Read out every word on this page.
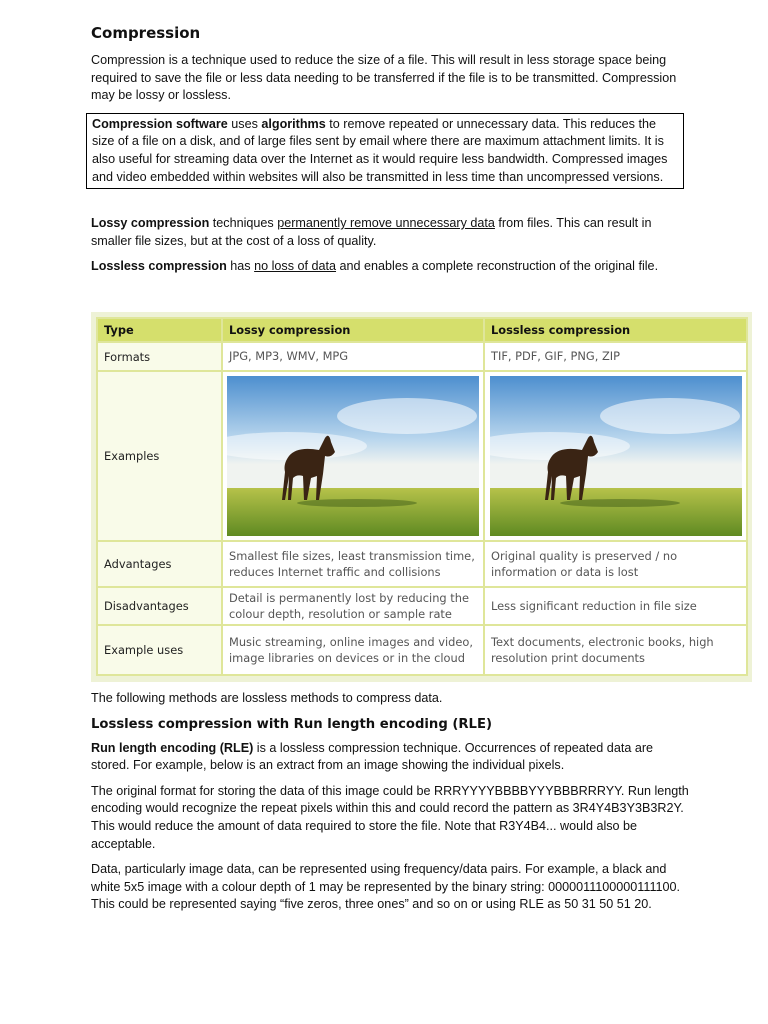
Compression

Compression is a technique used to reduce the size of a file. This will result in less storage space being required to save the file or less data needing to be transferred if the file is to be transmitted. Compression may be lossy or lossless.

Compression software uses algorithms to remove repeated or unnecessary data. This reduces the size of a file on a disk, and of large files sent by email where there are maximum attachment limits. It is also useful for streaming data over the Internet as it would require less bandwidth. Compressed images and video embedded within websites will also be transmitted in less time than uncompressed versions.

Lossy compression techniques permanently remove unnecessary data from files. This can result in smaller file sizes, but at the cost of a loss of quality.

Lossless compression has no loss of data and enables a complete reconstruction of the original file.

Type	Lossy compression	Lossless compression
Formats	JPG, MP3, WMV, MPG	TIF, PDF, GIF, PNG, ZIP
Examples	

Advantages	Smallest file sizes, least transmission time, reduces Internet traffic and collisions	Original quality is preserved / no information or data is lost
Disadvantages	Detail is permanently lost by reducing the colour depth, resolution or sample rate	Less significant reduction in file size
Example uses	Music streaming, online images and video, image libraries on devices or in the cloud	Text documents, electronic books, high resolution print documents

The following methods are lossless methods to compress data.

Lossless compression with Run length encoding (RLE)

Run length encoding (RLE) is a lossless compression technique. Occurrences of repeated data are stored. For example, below is an extract from an image showing the individual pixels.

The original format for storing the data of this image could be RRRYYYYBBBBYYYBBBRRRYY. Run length encoding would recognize the repeat pixels within this and could record the pattern as 3R4Y4B3Y3B3R2Y. This would reduce the amount of data required to store the file. Note that R3Y4B4... would also be acceptable.

Data, particularly image data, can be represented using frequency/data pairs. For example, a black and white 5x5 image with a colour depth of 1 may be represented by the binary string: 0000011100000111100. This could be represented saying “five zeros, three ones” and so on or using RLE as 50 31 50 51 20.
